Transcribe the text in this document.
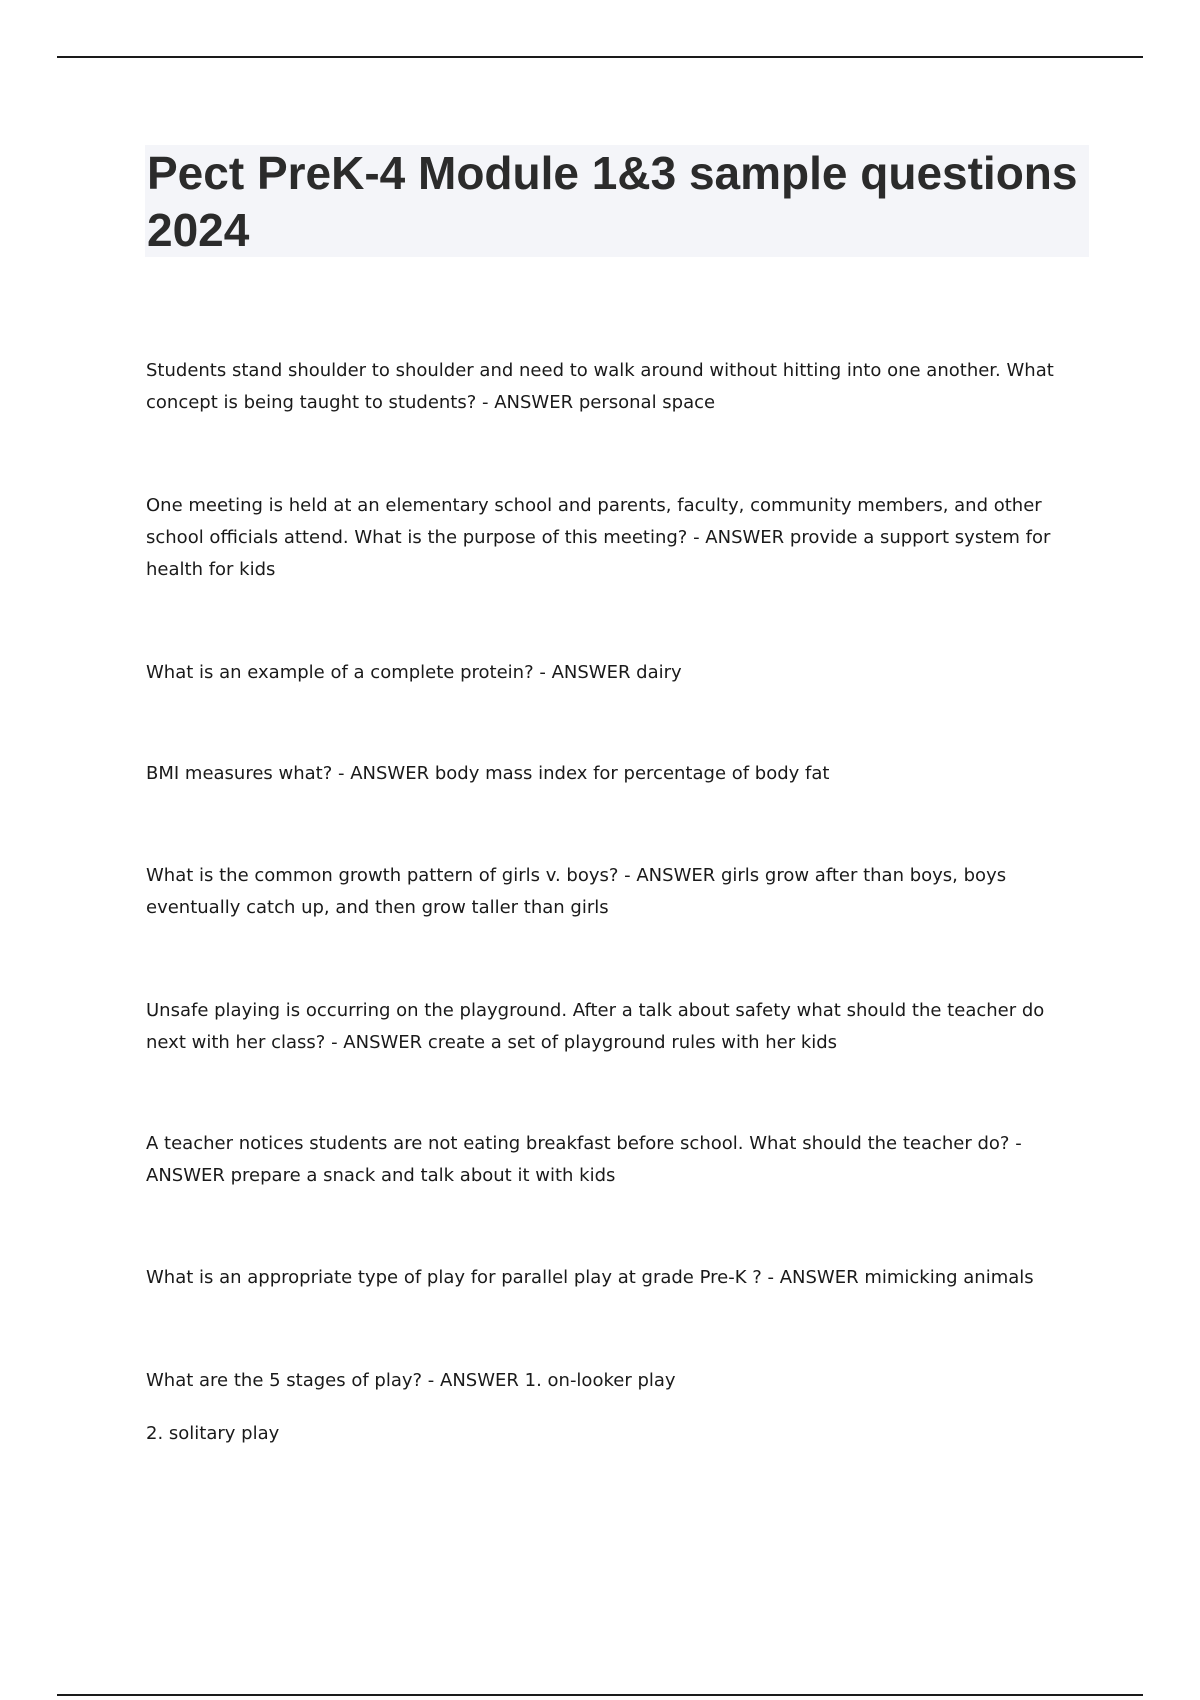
Pect PreK-4 Module 1&3 sample questions 2024

Students stand shoulder to shoulder and need to walk around without hitting into one another. What concept is being taught to students? - ANSWER personal space

One meeting is held at an elementary school and parents, faculty, community members, and other school officials attend. What is the purpose of this meeting? - ANSWER provide a support system for health for kids

What is an example of a complete protein? - ANSWER dairy

BMI measures what? - ANSWER body mass index for percentage of body fat

What is the common growth pattern of girls v. boys? - ANSWER girls grow after than boys, boys eventually catch up, and then grow taller than girls

Unsafe playing is occurring on the playground. After a talk about safety what should the teacher do next with her class? - ANSWER create a set of playground rules with her kids

A teacher notices students are not eating breakfast before school. What should the teacher do? - ANSWER prepare a snack and talk about it with kids

What is an appropriate type of play for parallel play at grade Pre-K ? - ANSWER mimicking animals

What are the 5 stages of play? - ANSWER 1. on-looker play

2. solitary play
